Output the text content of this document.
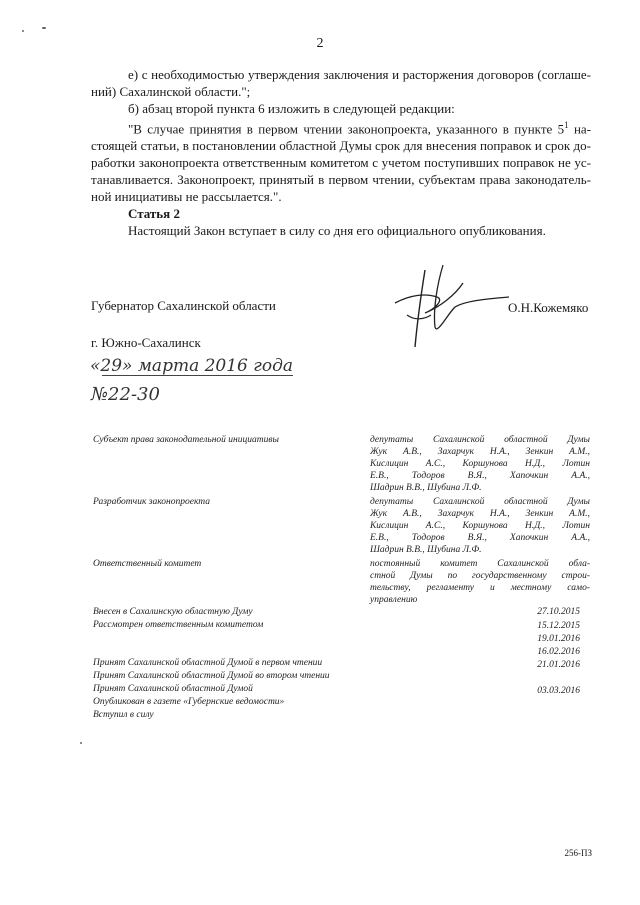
2
е) с необходимостью утверждения заключения и расторжения договоров (соглаше-
ний) Сахалинской области.";
б) абзац второй пункта 6 изложить в следующей редакции:
"В случае принятия в первом чтении законопроекта, указанного в пункте $5^1$ на-
стоящей статьи, в постановлении областной Думы срок для внесения поправок и срок до-
работки законопроекта ответственным комитетом с учетом поступивших поправок не ус-
танавливается. Законопроект, принятый в первом чтении, субъектам права законодатель-
ной инициативы не рассылается.".
Статья 2
Настоящий Закон вступает в силу со дня его официального опубликования.
Губернатор Сахалинской области	О.Н.Кожемяко
г. Южно-Сахалинск
«29» марта 2016 года
№22-30
Субъект права законодательной инициативы	депутаты Сахалинской областной Думы
Жук А.В., Захарчук Н.А., Зенкин А.М.,
Кислицин А.С., Коршунова Н.Д., Лотин
Е.В., Тодоров В.Я., Хапочкин А.А.,
Шадрин В.В., Шубина Л.Ф.
Разработчик законопроекта	депутаты Сахалинской областной Думы
Жук А.В., Захарчук Н.А., Зенкин А.М.,
Кислицин А.С., Коршунова Н.Д., Лотин
Е.В., Тодоров В.Я., Хапочкин А.А.,
Шадрин В.В., Шубина Л.Ф.
Ответственный комитет	постоянный комитет Сахалинской обла-
стной Думы по государственному строи-
тельству, регламенту и местному само-
управлению
Внесен в Сахалинскую областную Думу	27.10.2015
Рассмотрен ответственным комитетом	15.12.2015
19.01.2016
16.02.2016
Принят Сахалинской областной Думой в первом чтении	21.01.2016
Принят Сахалинской областной Думой во втором чтении
Принят Сахалинской областной Думой	03.03.2016
Опубликован в газете «Губернские ведомости»
Вступил в силу
256-ПЗ
